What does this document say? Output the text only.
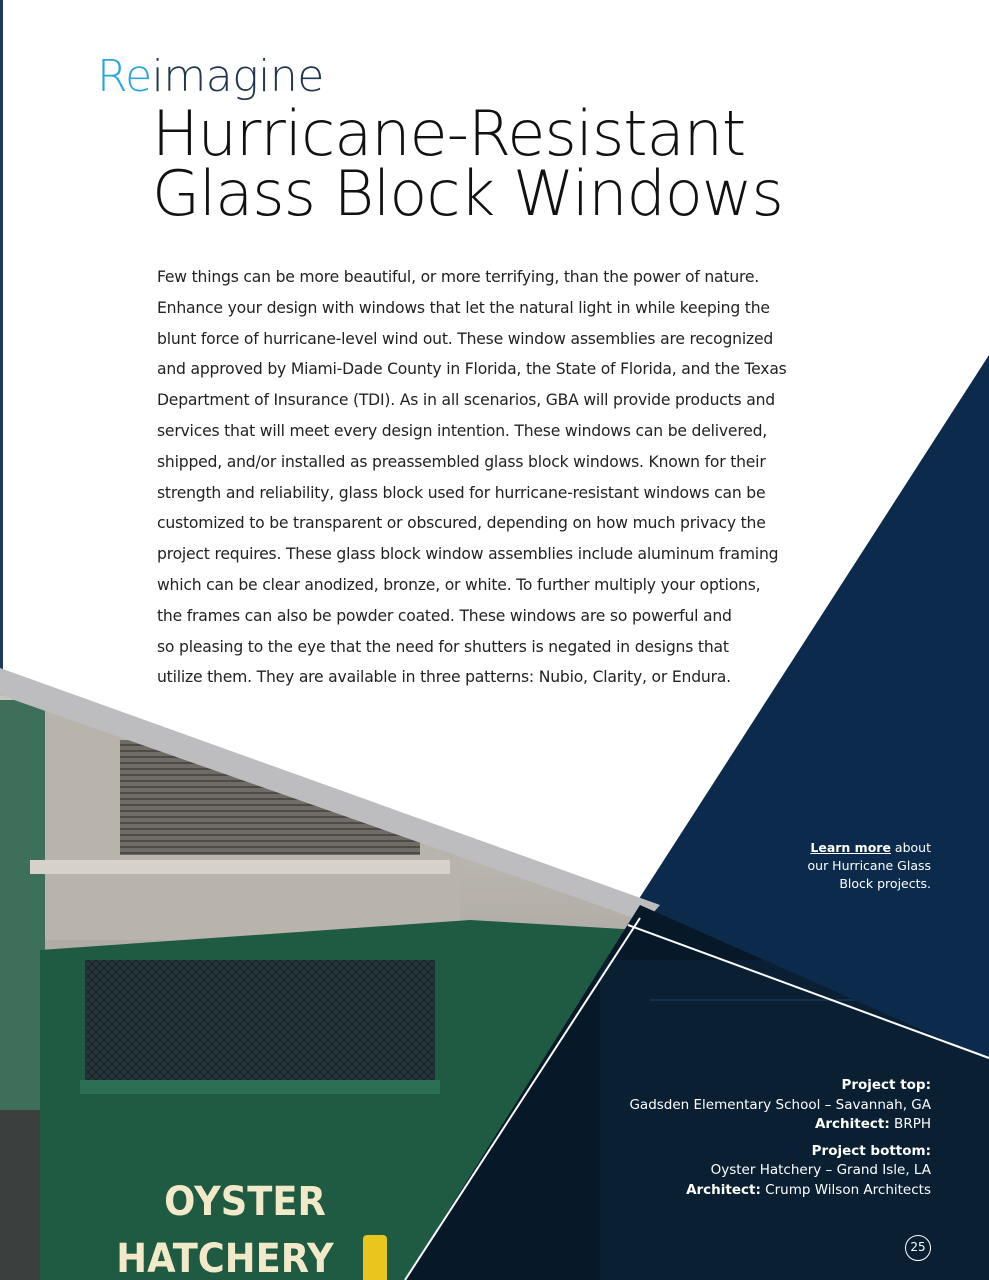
OYSTER
HATCHERY
Reimagine
Hurricane-Resistant
Glass Block Windows
Few things can be more beautiful, or more terrifying, than the power of nature.
Enhance your design with windows that let the natural light in while keeping the
blunt force of hurricane-level wind out. These window assemblies are recognized
and approved by Miami-Dade County in Florida, the State of Florida, and the Texas
Department of Insurance (TDI). As in all scenarios, GBA will provide products and
services that will meet every design intention. These windows can be delivered,
shipped, and/or installed as preassembled glass block windows. Known for their
strength and reliability, glass block used for hurricane-resistant windows can be
customized to be transparent or obscured, depending on how much privacy the
project requires. These glass block window assemblies include aluminum framing
which can be clear anodized, bronze, or white. To further multiply your options,
the frames can also be powder coated. These windows are so powerful and
so pleasing to the eye that the need for shutters is negated in designs that
utilize them. They are available in three patterns: Nubio, Clarity, or Endura.
Learn more about
our Hurricane Glass
Block projects.
Project top:
Gadsden Elementary School – Savannah, GA
Architect: BRPH
Project bottom:
Oyster Hatchery – Grand Isle, LA
Architect: Crump Wilson Architects
25
